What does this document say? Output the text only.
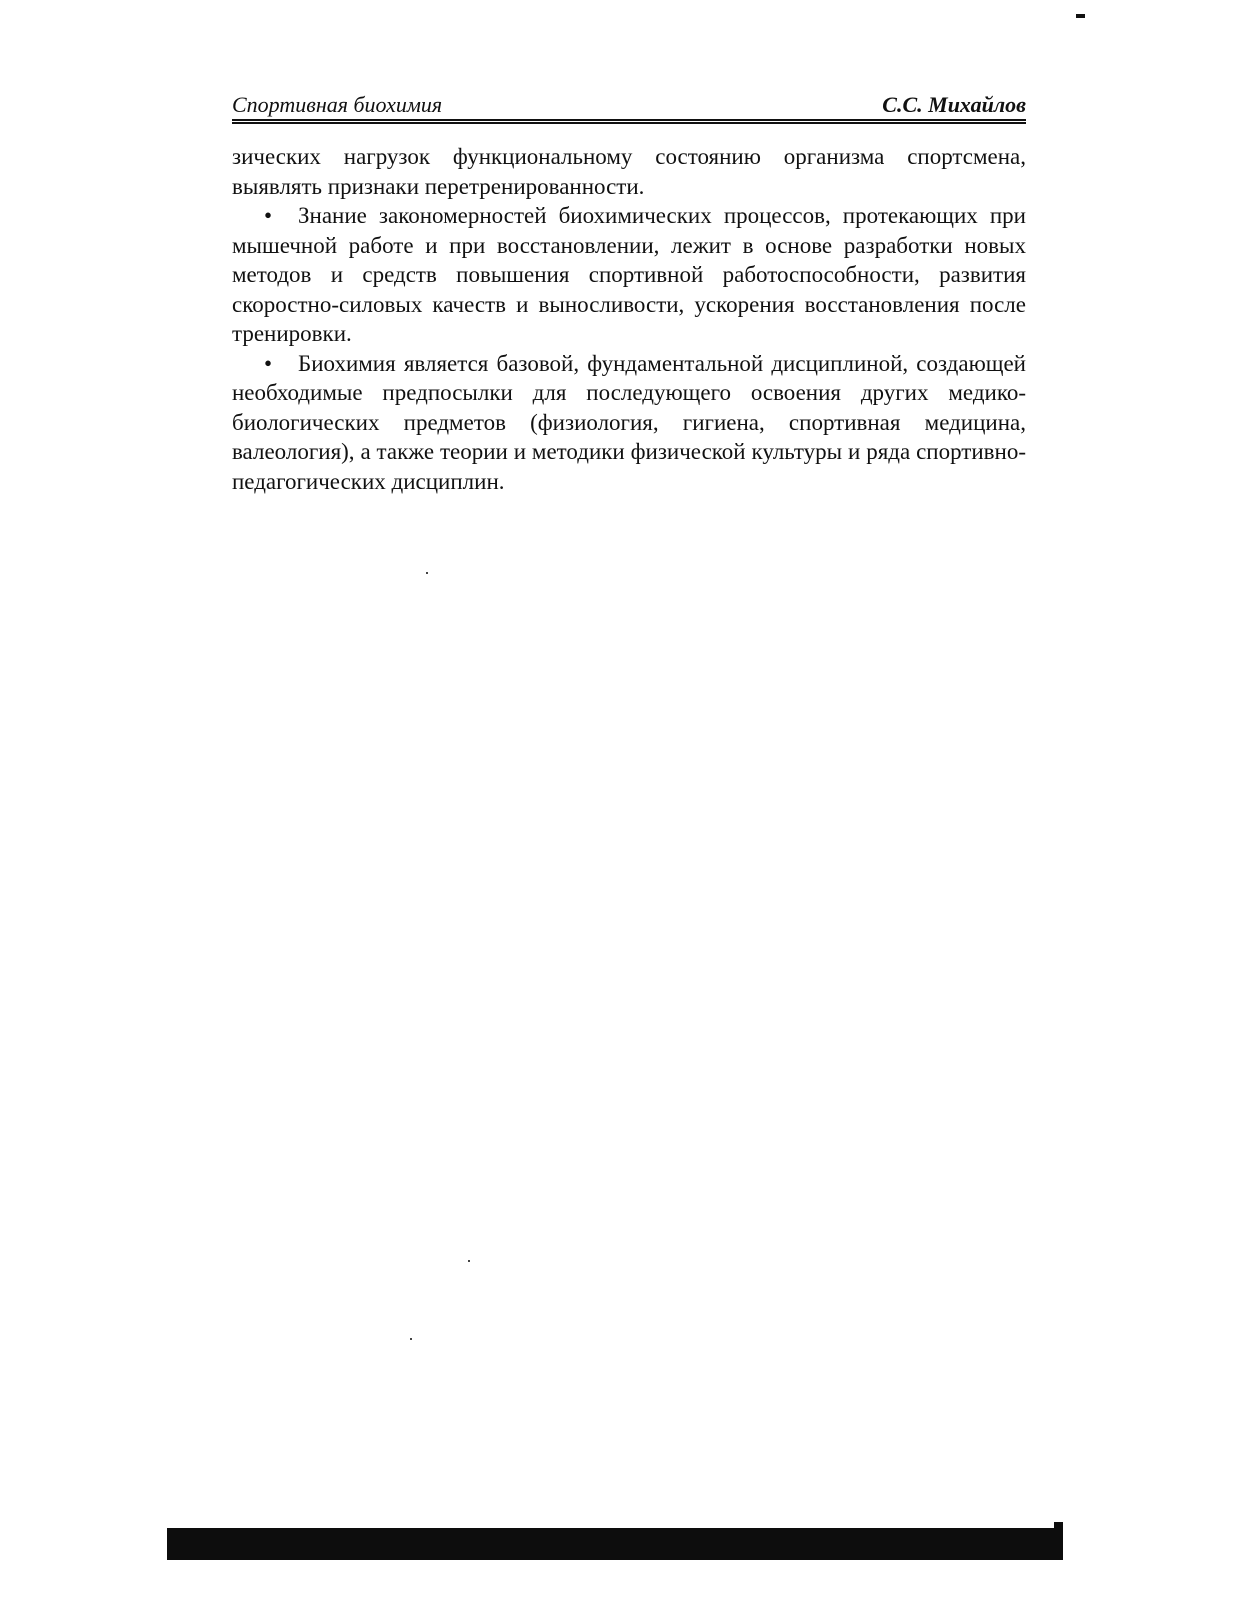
Спортивная биохимия	С.С. Михайлов

зических нагрузок функциональному состоянию организма спортсмена, выявлять признаки перетренированности.

• Знание закономерностей биохимических процессов, протекающих при мышечной работе и при восстановлении, лежит в основе разработки новых методов и средств повышения спортивной работоспособности, развития скоростно-силовых качеств и выносливости, ускорения восстановления после тренировки.

• Биохимия является базовой, фундаментальной дисциплиной, создающей необходимые предпосылки для последующего освоения других медико-биологических предметов (физиология, гигиена, спортивная медицина, валеология), а также теории и методики физической культуры и ряда спортивно-педагогических дисциплин.
